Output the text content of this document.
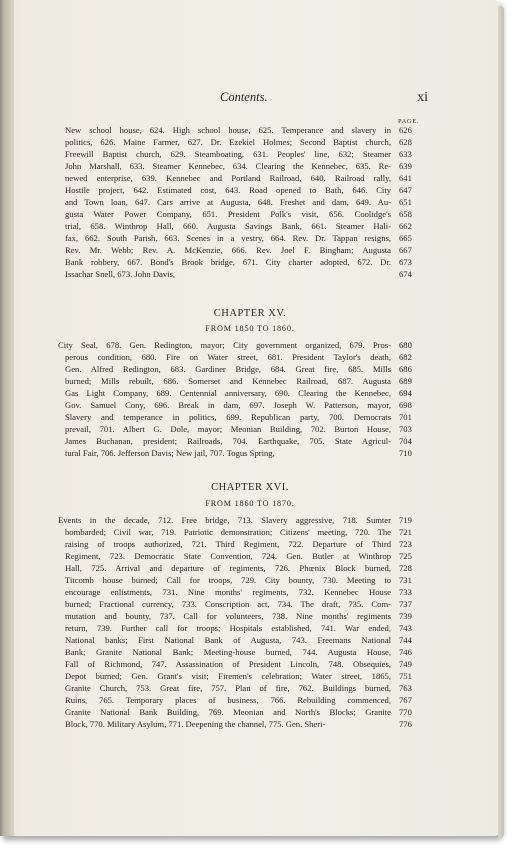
Contents.	xi
PAGE.
New school house, 624. High school house, 625. Temperance and slavery in 626
politics, 626. Maine Farmer, 627. Dr. Ezekiel Holmes; Second Baptist church, 628
Freewill Baptist church, 629. Steamboating, 631. Peoples' line, 632; Steamer 633
John Marshall, 633. Steamer Kennebec, 634. Clearing the Kennebec, 635. Re- 639
newed enterprise, 639. Kennebec and Portland Railroad, 640. Railroad rally, 641
Hostile project, 642. Estimated cost, 643. Road opened to Bath, 646. City 647
and Town loan, 647. Cars arrive at Augusta, 648. Freshet and dam, 649. Au- 651
gusta Water Power Company, 651. President Polk's visit, 656. Coolidge's 658
trial, 658. Winthrop Hall, 660. Augusta Savings Bank, 661. Steamer Hali- 662
fax, 662. South Parish, 663. Scenes in a vestry, 664. Rev. Dr. Tappan resigns, 665
Rev. Mr. Webb; Rev. A. McKenzie, 666. Rev. Joel F. Bingham; Augusta 667
Bank robbery, 667. Bond's Brook bridge, 671. City charter adopted, 672. Dr. 673
Issachar Snell, 673. John Davis,	674
CHAPTER XV.
FROM 1850 TO 1860.
City Seal, 678. Gen. Redington, mayor; City government organized, 679. Pros- 680
perous condition, 680. Fire on Water street, 681. President Taylor's death, 682
Gen. Alfred Redington, 683. Gardiner Bridge, 684. Great fire, 685. Mills 686
burned; Mills rebuilt, 686. Somerset and Kennebec Railroad, 687. Augusta 689
Gas Light Company, 689. Centennial anniversary, 690. Clearing the Kennebec, 694
Gov. Samuel Cony, 696. Break in dam, 697. Joseph W. Patterson, mayor, 698
Slavery and temperance in politics, 699. Republican party, 700. Democrats 701
prevail, 701. Albert G. Dole, mayor; Meonian Building, 702. Burton House, 703
James Buchanan, president; Railroads, 704. Earthquake, 705. State Agricul- 704
tural Fair, 706. Jefferson Davis; New jail, 707. Togus Spring,	710
CHAPTER XVI.
FROM 1860 TO 1870.
Events in the decade, 712. Free bridge, 713. Slavery aggressive, 718. Sumter 719
bombarded; Civil war, 719. Patriotic demonstration; Citizens' meeting, 720. The 721
raising of troops authorized, 721. Third Regiment, 722. Departure of Third 723
Regiment, 723. Democratic State Convention, 724. Gen. Butler at Winthrop 725
Hall, 725. Arrival and departure of regiments, 726. Phœnix Block burned, 728
Titcomb house burned; Call for troops, 729. City bounty, 730. Meeting to 731
encourage enlistments, 731. Nine months' regiments, 732. Kennebec House 733
burned; Fractional currency, 733. Conscription act, 734. The draft, 735. Com- 737
mutation and bounty, 737. Call for volunteers, 738. Nine months' regiments 739
return, 739. Further call for troops; Hospitals established, 741. War ended, 743
National banks; First National Bank of Augusta, 743. Freemans National 744
Bank; Granite National Bank; Meeting-house burned, 744. Augusta House, 746
Fall of Richmond, 747. Assassination of President Lincoln, 748. Obsequies, 749
Depot burned; Gen. Grant's visit; Firemen's celebration; Water street, 1865, 751
Granite Church, 753. Great fire, 757. Plan of fire, 762. Buildings burned, 763
Ruins, 765. Temporary places of business, 766. Rebuilding commenced, 767
Granite National Bank Building, 769. Meonian and North's Blocks; Granite 770
Block, 770. Military Asylum, 771. Deepening the channel, 775. Gen. Sheri-	776
